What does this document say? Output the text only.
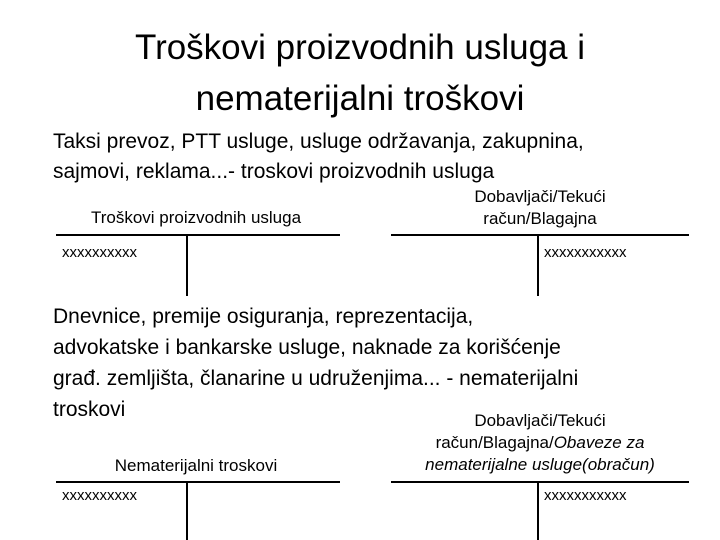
Troškovi proizvodnih usluga i
nematerijalni troškovi
Taksi prevoz, PTT usluge, usluge održavanja, zakupnina,
sajmovi, reklama...- troskovi proizvodnih usluga
Troškovi proizvodnih usluga
xxxxxxxxxx
Dobavljači/Tekući
račun/Blagajna
xxxxxxxxxxx
Dnevnice, premije osiguranja, reprezentacija,
advokatske i bankarske usluge, naknade za korišćenje
građ. zemljišta, članarine u udruženjima... - nematerijalni
troskovi
Nematerijalni troskovi
xxxxxxxxxx
Dobavljači/Tekući
račun/Blagajna/Obaveze za
nematerijalne usluge(obračun)
xxxxxxxxxxx
